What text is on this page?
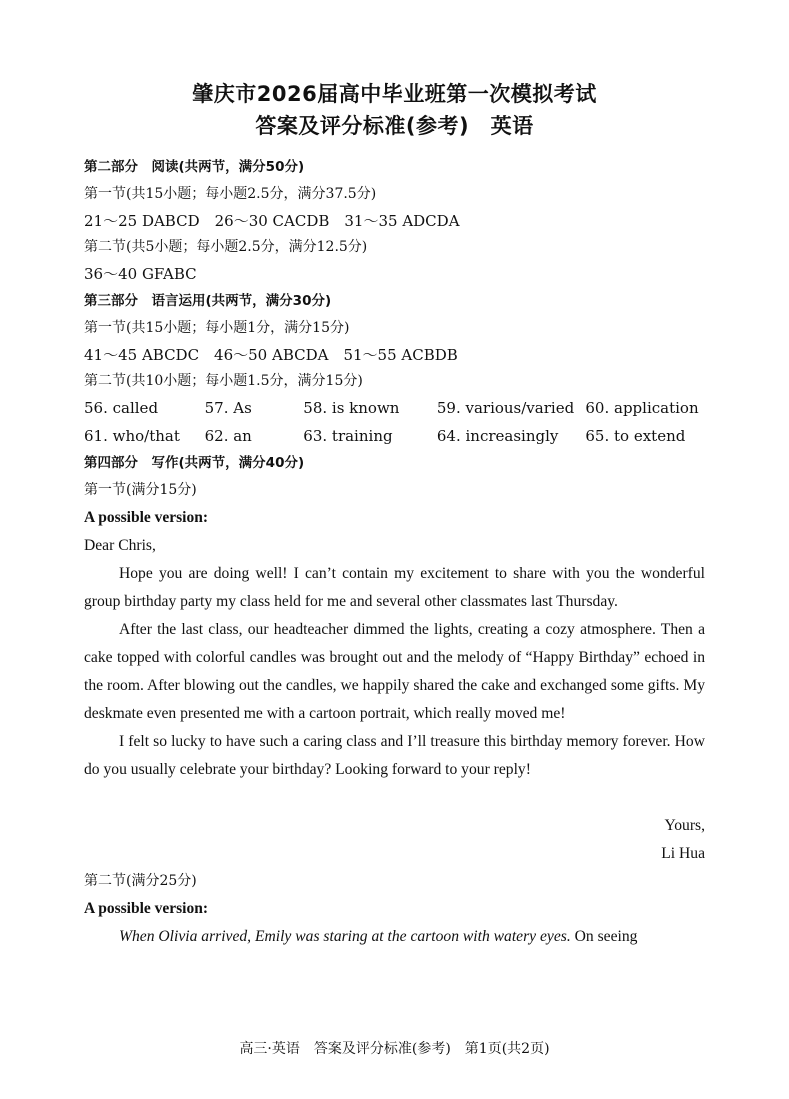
肇庆市2026届高中毕业班第一次模拟考试
答案及评分标准(参考)　英语
第二部分　阅读(共两节，满分50分)
第一节(共15小题；每小题2.5分，满分37.5分)
21～25 DABCD　26～30 CACDB　31～35 ADCDA
第二节(共5小题；每小题2.5分，满分12.5分)
36～40 GFABC
第三部分　语言运用(共两节，满分30分)
第一节(共15小题；每小题1分，满分15分)
41～45 ABCDC　46～50 ABCDA　51～55 ACBDB
第二节(共10小题；每小题1.5分，满分15分)
56. called	57. As	58. is known	59. various/varied 60. application
61. who/that	62. an	63. training	64. increasingly	65. to extend
第四部分　写作(共两节，满分40分)
第一节(满分15分)
A possible version:
Dear Chris,

Hope you are doing well! I can’t contain my excitement to share with you the wonderful group birthday party my class held for me and several other classmates last Thursday.

After the last class, our headteacher dimmed the lights, creating a cozy atmosphere. Then a cake topped with colorful candles was brought out and the melody of “Happy Birthday” echoed in the room. After blowing out the candles, we happily shared the cake and exchanged some gifts. My deskmate even presented me with a cartoon portrait, which really moved me!

I felt so lucky to have such a caring class and I’ll treasure this birthday memory forever. How do you usually celebrate your birthday? Looking forward to your reply!

Yours,
Li Hua
第二节(满分25分)
A possible version:

When Olivia arrived, Emily was staring at the cartoon with watery eyes. On seeing

高三·英语　答案及评分标准(参考)　第1页(共2页)
